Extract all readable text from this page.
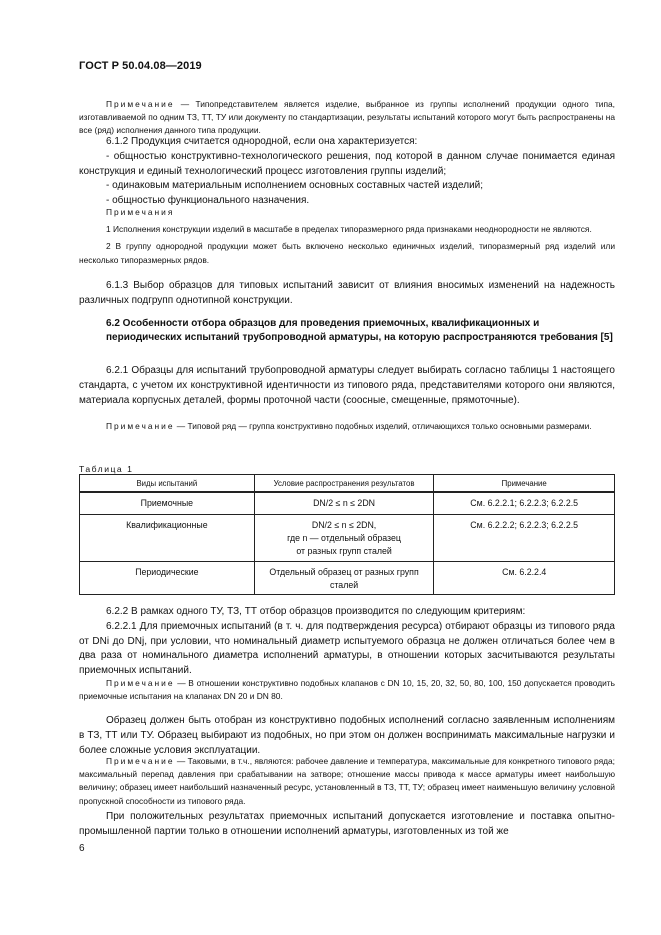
ГОСТ Р 50.04.08—2019

Примечание — Типопредставителем является изделие, выбранное из группы исполнений продукции одного типа, изготавливаемой по одним ТЗ, ТТ, ТУ или документу по стандартизации, результаты испытаний которого могут быть распространены на все (ряд) исполнения данного типа продукции.

6.1.2 Продукция считается однородной, если она характеризуется:

- общностью конструктивно-технологического решения, под которой в данном случае понимается единая конструкция и единый технологический процесс изготовления группы изделий;

- одинаковым материальным исполнением основных составных частей изделий;

- общностью функционального назначения.

Примечания

1 Исполнения конструкции изделий в масштабе в пределах типоразмерного ряда признаками неоднородности не являются.

2 В группу однородной продукции может быть включено несколько единичных изделий, типоразмерный ряд изделий или несколько типоразмерных рядов.

6.1.3 Выбор образцов для типовых испытаний зависит от влияния вносимых изменений на надежность различных подгрупп однотипной конструкции.

6.2 Особенности отбора образцов для проведения приемочных, квалификационных и периодических испытаний трубопроводной арматуры, на которую распространяются требования [5]

6.2.1 Образцы для испытаний трубопроводной арматуры следует выбирать согласно таблицы 1 настоящего стандарта, с учетом их конструктивной идентичности из типового ряда, представителями которого они являются, материала корпусных деталей, формы проточной части (соосные, смещенные, прямоточные).

Примечание — Типовой ряд — группа конструктивно подобных изделий, отличающихся только основными размерами.

Таблица 1
Виды испытаний	Условие распространения результатов	Примечание
Приемочные	DN/2 ≤ n ≤ 2DN	См. 6.2.2.1; 6.2.2.3; 6.2.2.5
Квалификационные	DN/2 ≤ n ≤ 2DN,
где n — отдельный образец
от разных групп сталей	См. 6.2.2.2; 6.2.2.3; 6.2.2.5
Периодические	Отдельный образец от разных групп сталей	См. 6.2.2.4

6.2.2 В рамках одного ТУ, ТЗ, ТТ отбор образцов производится по следующим критериям:

6.2.2.1 Для приемочных испытаний (в т. ч. для подтверждения ресурса) отбирают образцы из типового ряда от DNi до DNj, при условии, что номинальный диаметр испытуемого образца не должен отличаться более чем в два раза от номинального диаметра исполнений арматуры, в отношении которых засчитываются результаты приемочных испытаний.

Примечание — В отношении конструктивно подобных клапанов с DN 10, 15, 20, 32, 50, 80, 100, 150 допускается проводить приемочные испытания на клапанах DN 20 и DN 80.

Образец должен быть отобран из конструктивно подобных исполнений согласно заявленным исполнениям в ТЗ, ТТ или ТУ. Образец выбирают из подобных, но при этом он должен воспринимать максимальные нагрузки и более сложные условия эксплуатации.

Примечание — Таковыми, в т.ч., являются: рабочее давление и температура, максимальные для конкретного типового ряда; максимальный перепад давления при срабатывании на затворе; отношение массы привода к массе арматуры имеет наибольшую величину; образец имеет наибольший назначенный ресурс, установленный в ТЗ, ТТ, ТУ; образец имеет наименьшую величину условной пропускной способности из типового ряда.

При положительных результатах приемочных испытаний допускается изготовление и поставка опытно-промышленной партии только в отношении исполнений арматуры, изготовленных из той же

6
